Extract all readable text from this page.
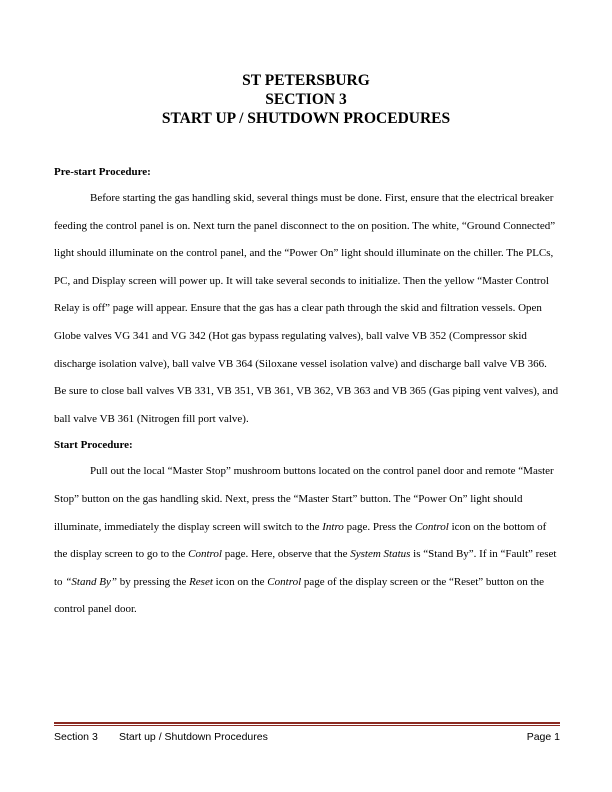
ST PETERSBURG
SECTION 3
START UP / SHUTDOWN PROCEDURES

Pre-start Procedure:

Before starting the gas handling skid, several things must be done. First, ensure that the electrical breaker feeding the control panel is on. Next turn the panel disconnect to the on position. The white, “Ground Connected” light should illuminate on the control panel, and the “Power On” light should illuminate on the chiller. The PLCs, PC, and Display screen will power up. It will take several seconds to initialize. Then the yellow “Master Control Relay is off” page will appear. Ensure that the gas has a clear path through the skid and filtration vessels. Open Globe valves VG 341 and VG 342 (Hot gas bypass regulating valves), ball valve VB 352 (Compressor skid discharge isolation valve), ball valve VB 364 (Siloxane vessel isolation valve) and discharge ball valve VB 366. Be sure to close ball valves VB 331, VB 351, VB 361, VB 362, VB 363 and VB 365 (Gas piping vent valves), and ball valve VB 361 (Nitrogen fill port valve).

Start Procedure:

Pull out the local “Master Stop” mushroom buttons located on the control panel door and remote “Master Stop” button on the gas handling skid. Next, press the “Master Start” button. The “Power On” light should illuminate, immediately the display screen will switch to the Intro page. Press the Control icon on the bottom of the display screen to go to the Control page. Here, observe that the System Status is “Stand By”. If in “Fault” reset to “Stand By” by pressing the Reset icon on the Control page of the display screen or the “Reset” button on the control panel door.

Section 3 Start up / Shutdown Procedures	Page 1
